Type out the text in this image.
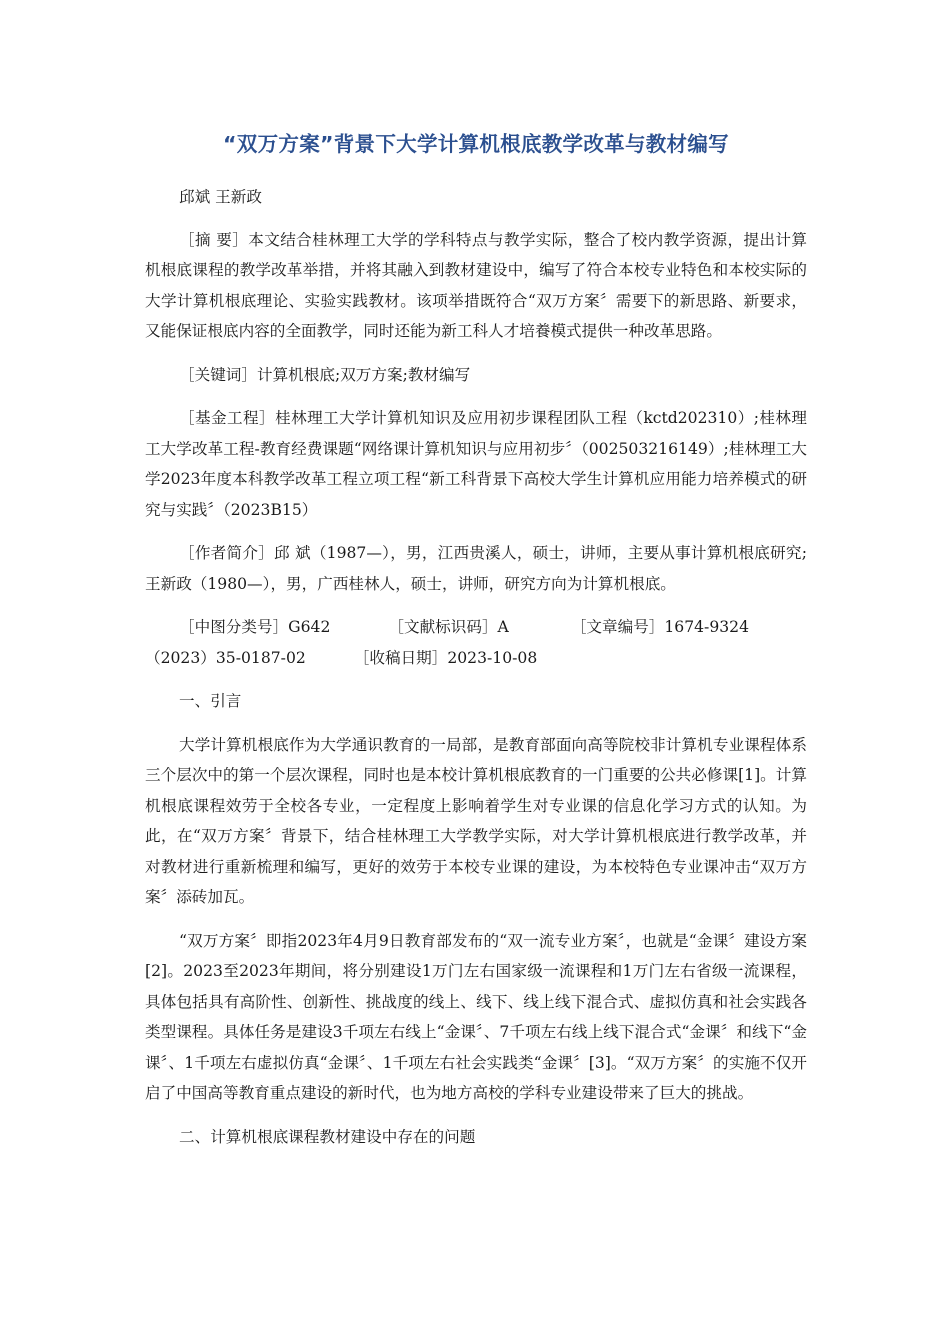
“双万方案”背景下大学计算机根底教学改革与教材编写
邱斌 王新政

［摘 要］本文结合桂林理工大学的学科特点与教学实际，整合了校内教学资源，提出计算机根底课程的教学改革举措，并将其融入到教材建设中，编写了符合本校专业特色和本校实际的大学计算机根底理论、实验实践教材。该项举措既符合“双万方案〞需要下的新思路、新要求，又能保证根底内容的全面教学，同时还能为新工科人才培養模式提供一种改革思路。

［关键词］计算机根底;双万方案;教材编写

［基金工程］桂林理工大学计算机知识及应用初步课程团队工程（kctd202310）;桂林理工大学改革工程-教育经费课题“网络课计算机知识与应用初步〞（002503216149）;桂林理工大学2023年度本科教学改革工程立项工程“新工科背景下高校大学生计算机应用能力培养模式的研究与实践〞（2023B15）

［作者简介］邱 斌（1987—），男，江西贵溪人，硕士，讲师，主要从事计算机根底研究;王新政（1980—），男，广西桂林人，硕士，讲师，研究方向为计算机根底。

［中图分类号］G642	［文献标识码］A	［文章编号］1674-9324（2023）35-0187-02	［收稿日期］2023-10-08
一、引言

大学计算机根底作为大学通识教育的一局部，是教育部面向高等院校非计算机专业课程体系三个层次中的第一个层次课程，同时也是本校计算机根底教育的一门重要的公共必修课[1]。计算机根底课程效劳于全校各专业，一定程度上影响着学生对专业课的信息化学习方式的认知。为此，在“双万方案〞背景下，结合桂林理工大学教学实际，对大学计算机根底进行教学改革，并对教材进行重新梳理和编写，更好的效劳于本校专业课的建设，为本校特色专业课冲击“双万方案〞添砖加瓦。

“双万方案〞即指2023年4月9日教育部发布的“双一流专业方案〞，也就是“金课〞建设方案[2]。2023至2023年期间，将分别建设1万门左右国家级一流课程和1万门左右省级一流课程，具体包括具有高阶性、创新性、挑战度的线上、线下、线上线下混合式、虚拟仿真和社会实践各类型课程。具体任务是建设3千项左右线上“金课〞、7千项左右线上线下混合式“金课〞和线下“金课〞、1千项左右虚拟仿真“金课〞、1千项左右社会实践类“金课〞[3]。“双万方案〞的实施不仅开启了中国高等教育重点建设的新时代，也为地方高校的学科专业建设带来了巨大的挑战。

二、计算机根底课程教材建设中存在的问题
